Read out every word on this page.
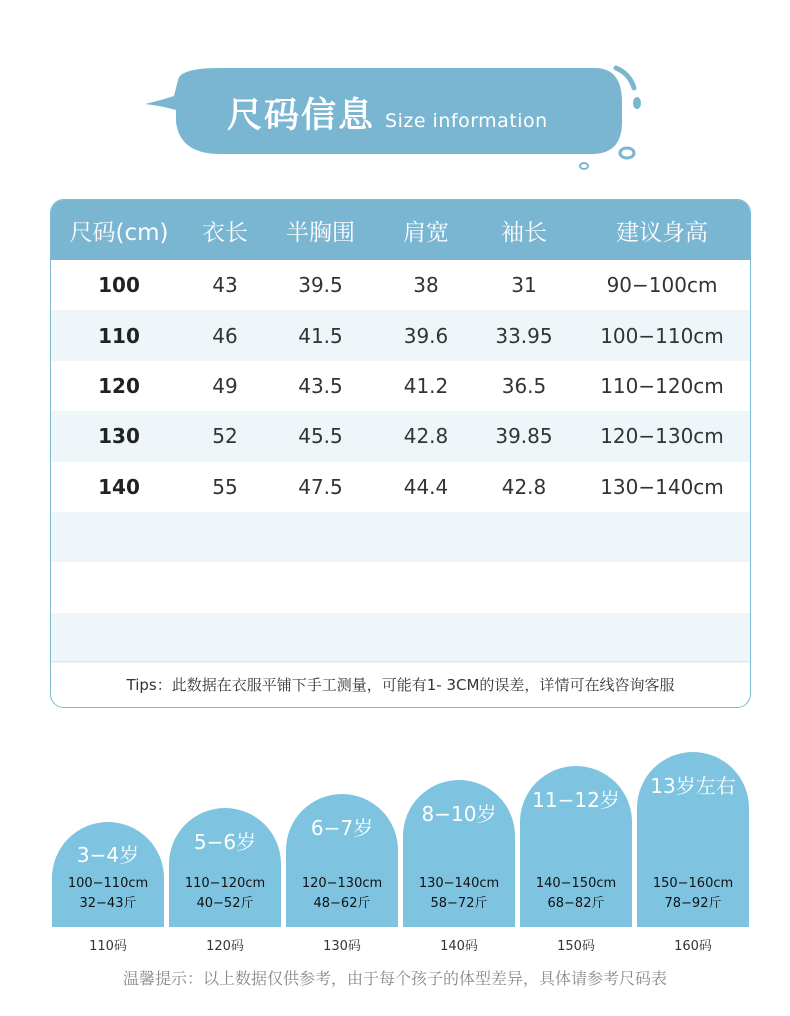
尺码信息 Size information
尺码(cm)	衣长	半胸围	肩宽	袖长	建议身高
100	43	39.5	38	31	90−100cm
110	46	41.5	39.6	33.95	100−110cm
120	49	43.5	41.2	36.5	110−120cm
130	52	45.5	42.8	39.85	120−130cm
140	55	47.5	44.4	42.8	130−140cm
Tips：此数据在衣服平铺下手工测量，可能有1- 3CM的误差，详情可在线咨询客服
3−4岁
100−110cm
32−43斤
5−6岁
110−120cm
40−52斤
6−7岁
120−130cm
48−62斤
8−10岁
130−140cm
58−72斤
11−12岁
140−150cm
68−82斤
13岁左右
150−160cm
78−92斤
110码	120码	130码	140码	150码	160码
温馨提示：以上数据仅供参考，由于每个孩子的体型差异，具体请参考尺码表
